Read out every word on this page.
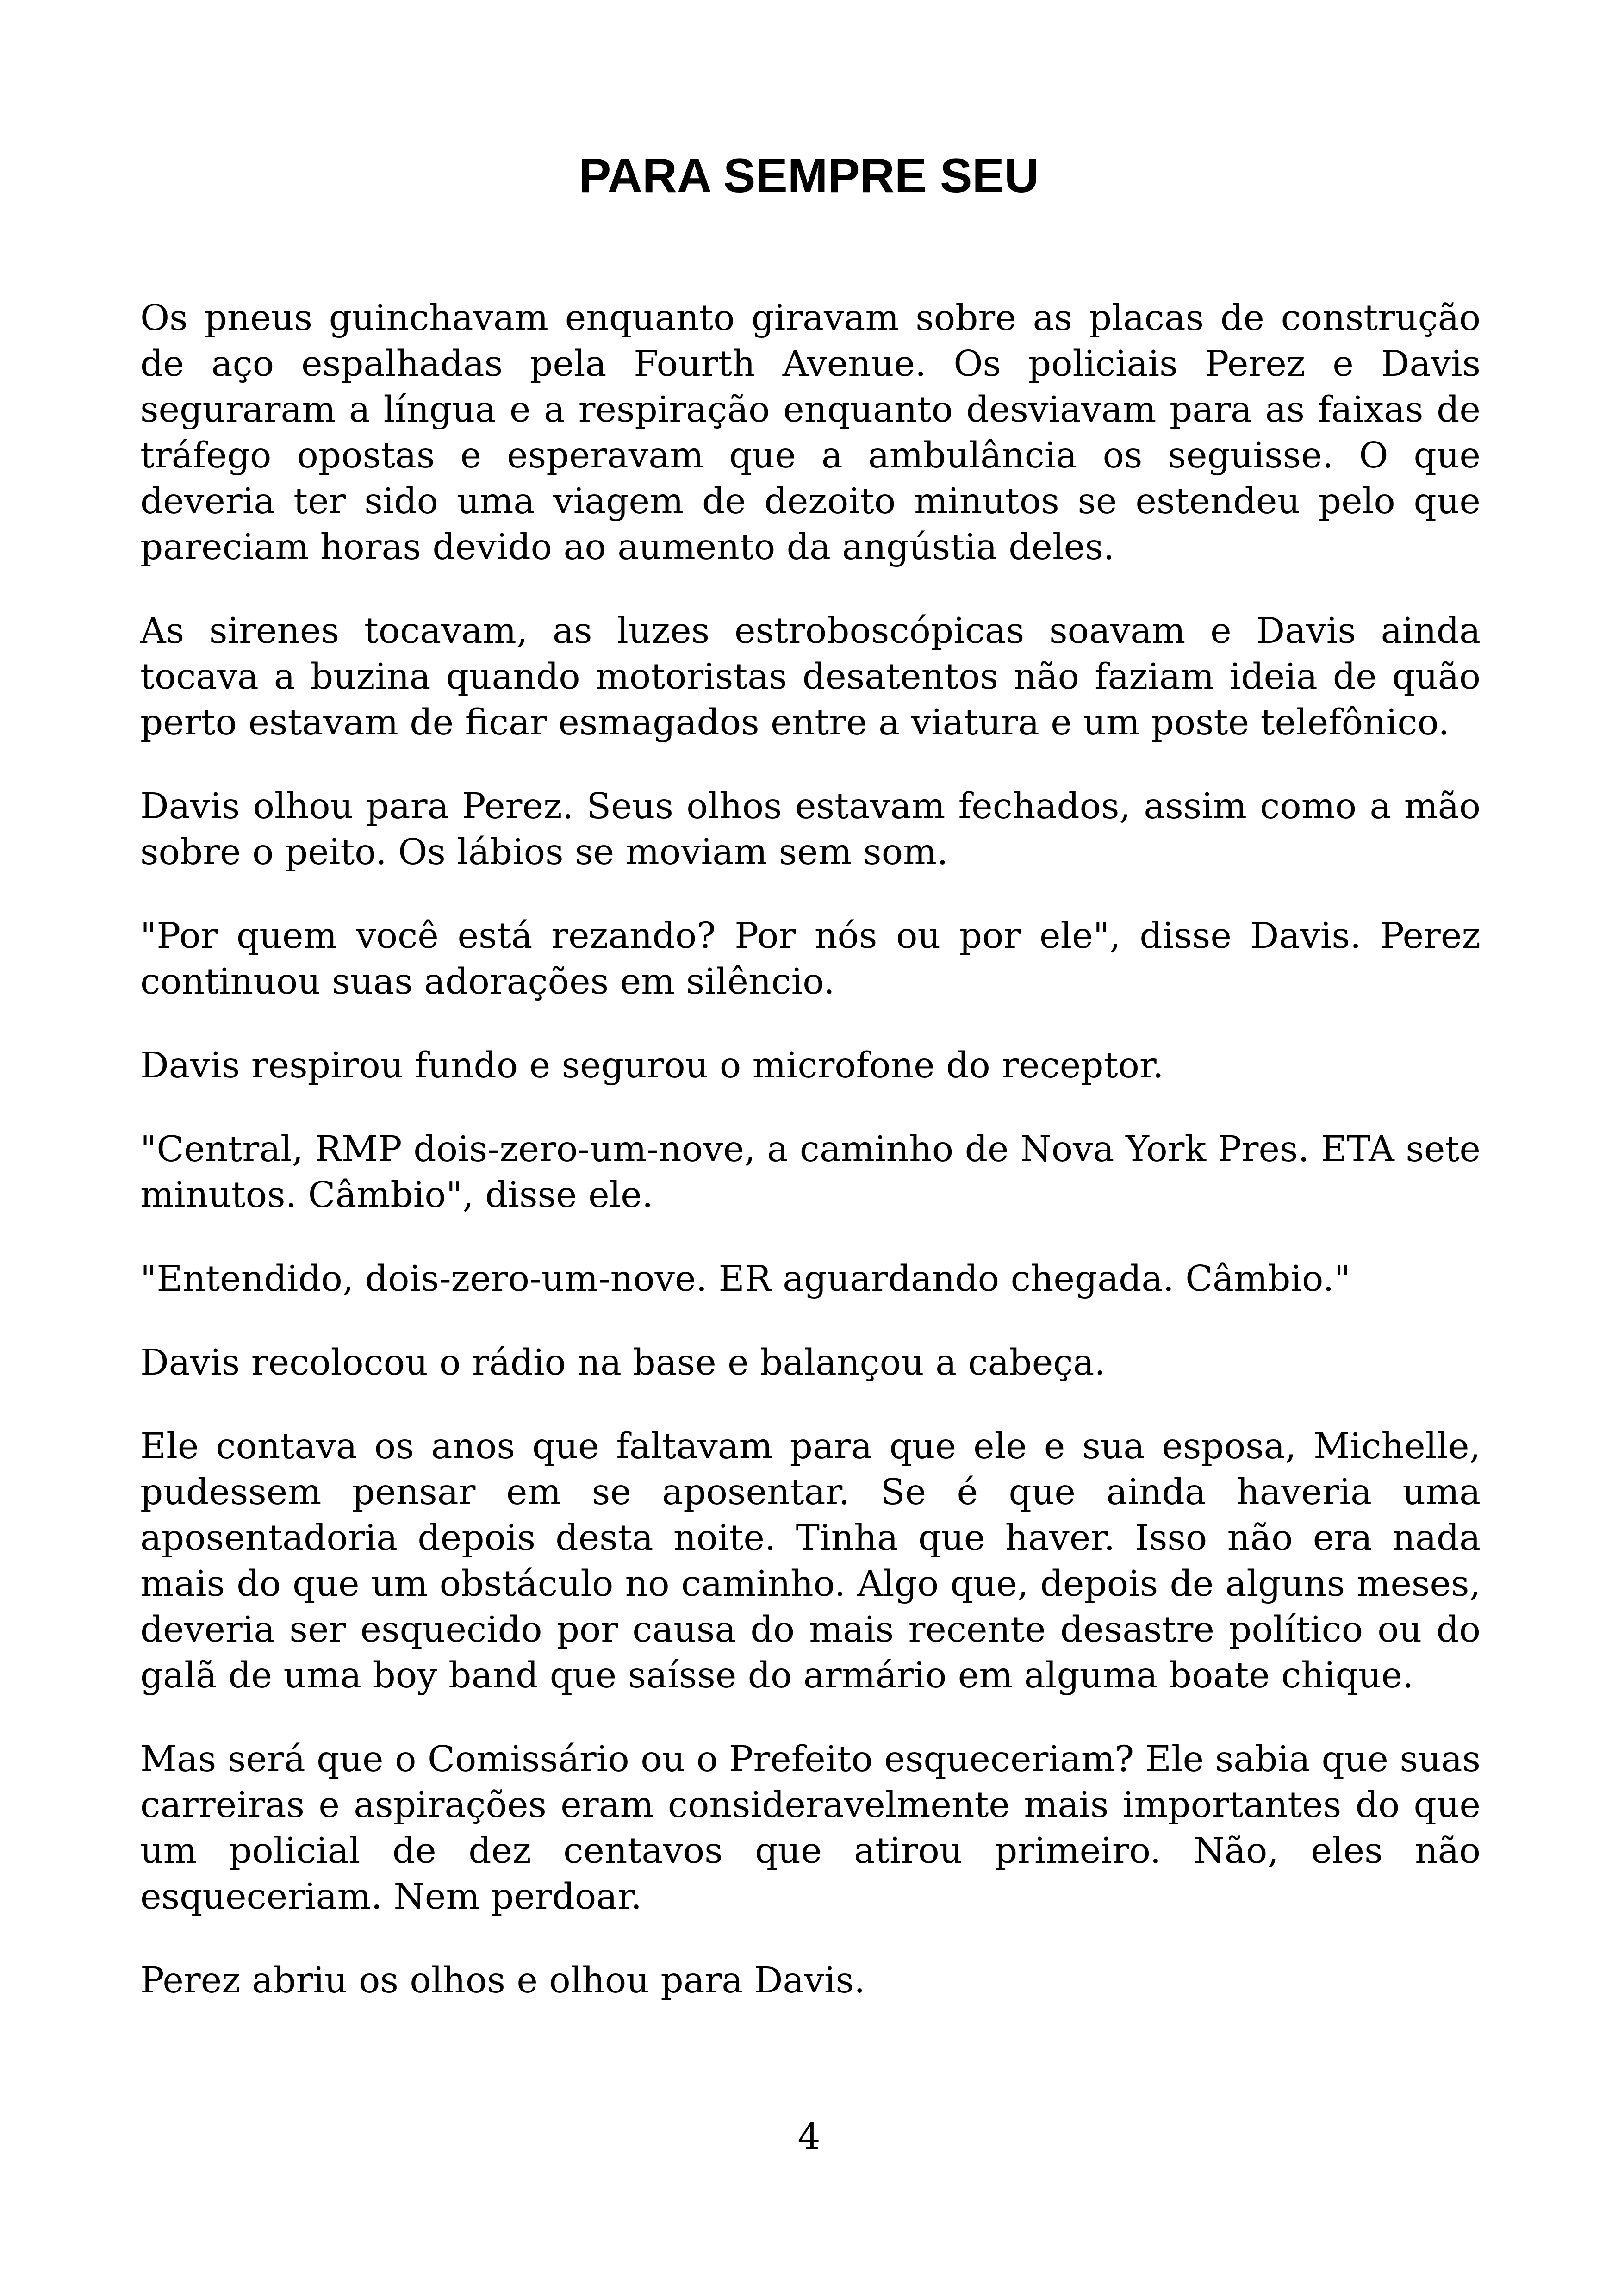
PARA SEMPRE SEU

Os pneus guinchavam enquanto giravam sobre as placas de construção de aço espalhadas pela Fourth Avenue. Os policiais Perez e Davis seguraram a língua e a respiração enquanto desviavam para as faixas de tráfego opostas e esperavam que a ambulância os seguisse. O que deveria ter sido uma viagem de dezoito minutos se estendeu pelo que pareciam horas devido ao aumento da angústia deles.

As sirenes tocavam, as luzes estroboscópicas soavam e Davis ainda tocava a buzina quando motoristas desatentos não faziam ideia de quão perto estavam de ficar esmagados entre a viatura e um poste telefônico.

Davis olhou para Perez. Seus olhos estavam fechados, assim como a mão sobre o peito. Os lábios se moviam sem som.

"Por quem você está rezando? Por nós ou por ele", disse Davis. Perez continuou suas adorações em silêncio.

Davis respirou fundo e segurou o microfone do receptor.

"Central, RMP dois-zero-um-nove, a caminho de Nova York Pres. ETA sete minutos. Câmbio", disse ele.

"Entendido, dois-zero-um-nove. ER aguardando chegada. Câmbio."

Davis recolocou o rádio na base e balançou a cabeça.

Ele contava os anos que faltavam para que ele e sua esposa, Michelle, pudessem pensar em se aposentar. Se é que ainda haveria uma aposentadoria depois desta noite. Tinha que haver. Isso não era nada mais do que um obstáculo no caminho. Algo que, depois de alguns meses, deveria ser esquecido por causa do mais recente desastre político ou do galã de uma boy band que saísse do armário em alguma boate chique.

Mas será que o Comissário ou o Prefeito esqueceriam? Ele sabia que suas carreiras e aspirações eram consideravelmente mais importantes do que um policial de dez centavos que atirou primeiro. Não, eles não esqueceriam. Nem perdoar.

Perez abriu os olhos e olhou para Davis.

4
